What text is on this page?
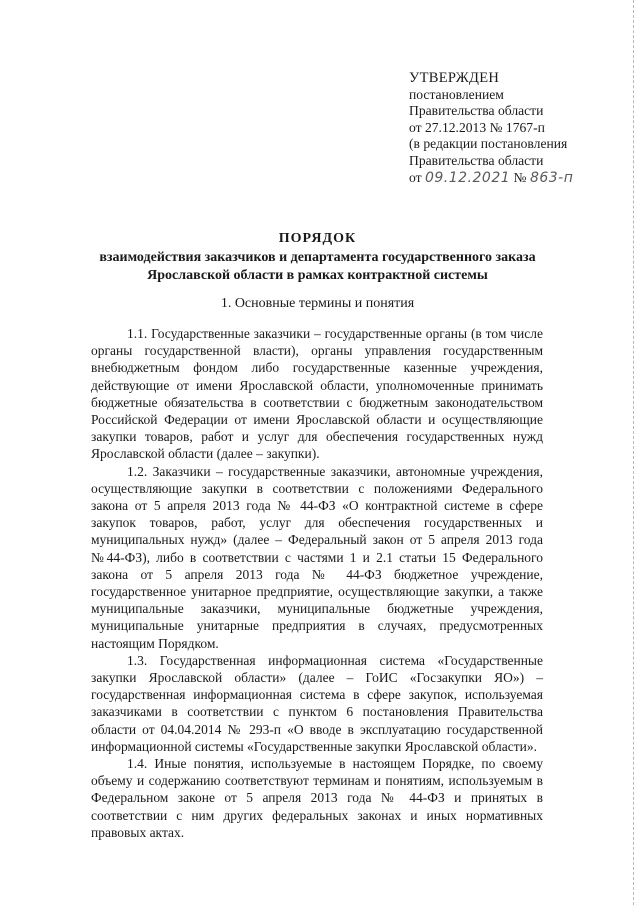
УТВЕРЖДЕН
постановлением
Правительства области
от 27.12.2013 № 1767-п
(в редакции постановления
Правительства области
от 09.12.2021 № 863-п
ПОРЯДОК
взаимодействия заказчиков и департамента государственного заказа
Ярославской области в рамках контрактной системы
1. Основные термины и понятия

1.1. Государственные заказчики – государственные органы (в том числе органы государственной власти), органы управления государственным внебюджетным фондом либо государственные казенные учреждения, действующие от имени Ярославской области, уполномоченные принимать бюджетные обязательства в соответствии с бюджетным законодательством Российской Федерации от имени Ярославской области и осуществляющие закупки товаров, работ и услуг для обеспечения государственных нужд Ярославской области (далее – закупки).

1.2. Заказчики – государственные заказчики, автономные учреждения, осуществляющие закупки в соответствии с положениями Федерального закона от 5 апреля 2013 года № 44-ФЗ «О контрактной системе в сфере закупок товаров, работ, услуг для обеспечения государственных и муниципальных нужд» (далее – Федеральный закон от 5 апреля 2013 года №44-ФЗ), либо в соответствии с частями 1 и 2.1 статьи 15 Федерального закона от 5 апреля 2013 года № 44-ФЗ бюджетное учреждение, государственное унитарное предприятие, осуществляющие закупки, а также муниципальные заказчики, муниципальные бюджетные учреждения, муниципальные унитарные предприятия в случаях, предусмотренных настоящим Порядком.

1.3. Государственная информационная система «Государственные закупки Ярославской области» (далее – ГоИС «Госзакупки ЯО») – государственная информационная система в сфере закупок, используемая заказчиками в соответствии с пунктом 6 постановления Правительства области от 04.04.2014 № 293-п «О вводе в эксплуатацию государственной информационной системы «Государственные закупки Ярославской области».

1.4. Иные понятия, используемые в настоящем Порядке, по своему объему и содержанию соответствуют терминам и понятиям, используемым в Федеральном законе от 5 апреля 2013 года № 44-ФЗ и принятых в соответствии с ним других федеральных законах и иных нормативных правовых актах.
